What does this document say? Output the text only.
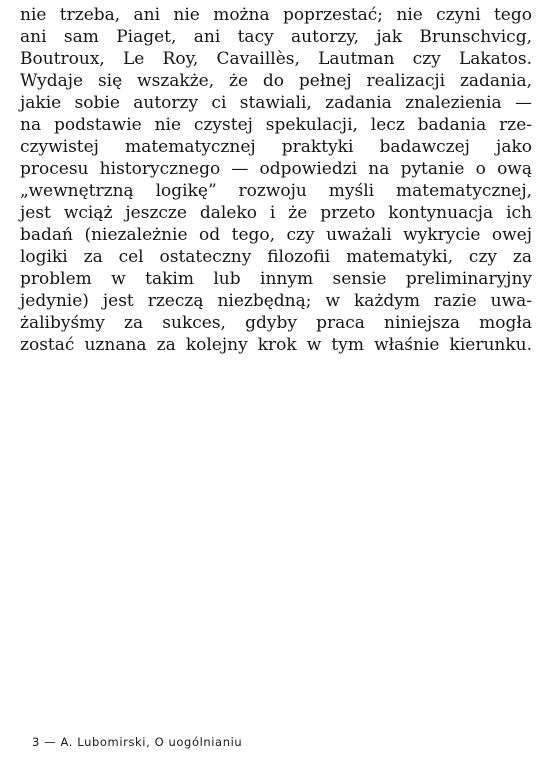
nie trzeba, ani nie można poprzestać; nie czyni tego
ani sam Piaget, ani tacy autorzy, jak Brunschvicg,
Boutroux, Le Roy, Cavaillès, Lautman czy Lakatos.
Wydaje się wszakże, że do pełnej realizacji zadania,
jakie sobie autorzy ci stawiali, zadania znalezienia —
na podstawie nie czystej spekulacji, lecz badania rze-
czywistej matematycznej praktyki badawczej jako
procesu historycznego — odpowiedzi na pytanie o ową
„wewnętrzną logikę” rozwoju myśli matematycznej,
jest wciąż jeszcze daleko i że przeto kontynuacja ich
badań (niezależnie od tego, czy uważali wykrycie owej
logiki za cel ostateczny filozofii matematyki, czy za
problem w takim lub innym sensie preliminaryjny
jedynie) jest rzeczą niezbędną; w każdym razie uwa-
żalibyśmy za sukces, gdyby praca niniejsza mogła
zostać uznana za kolejny krok w tym właśnie kierunku.
3 — A. Lubomirski, O uogólnianiu
